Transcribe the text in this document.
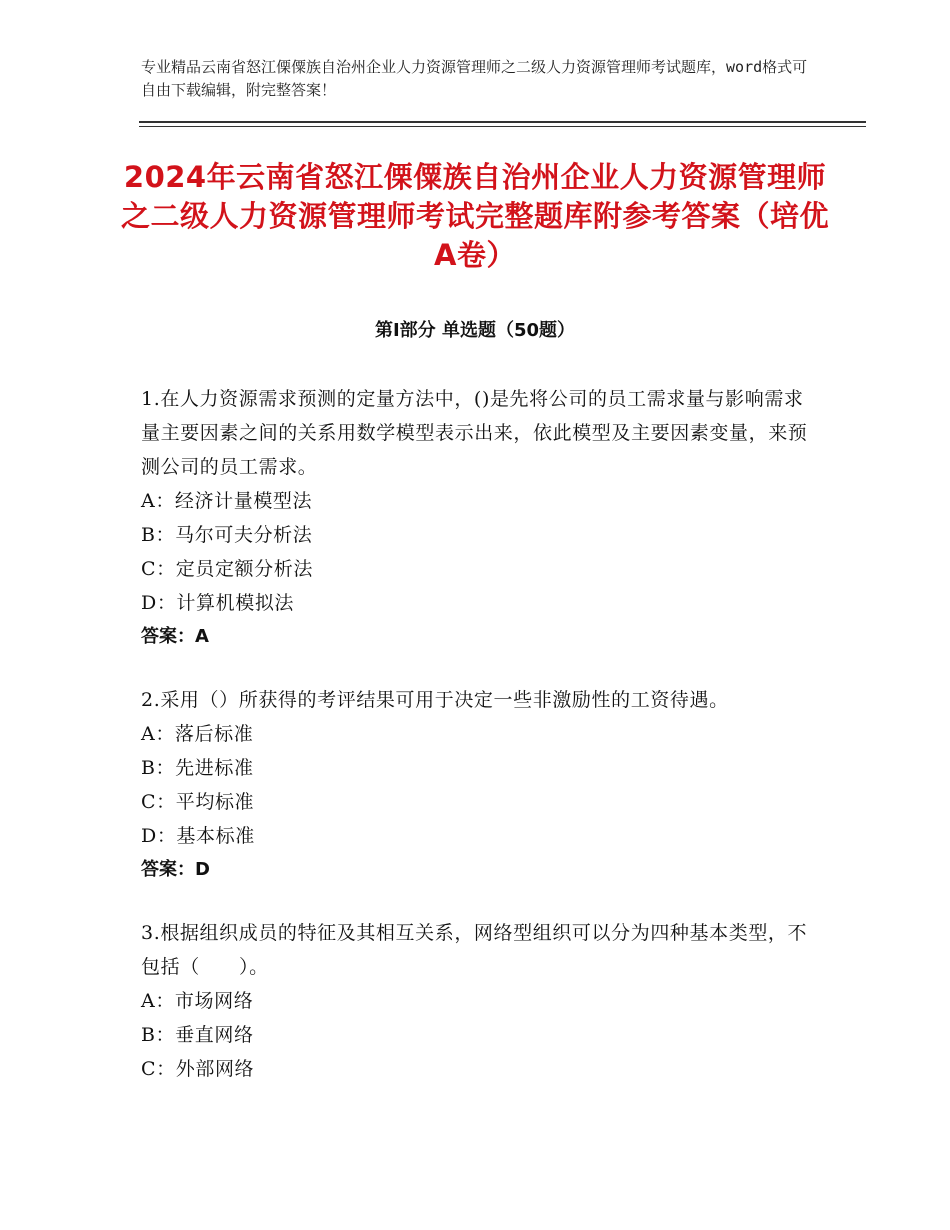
专业精品云南省怒江傈僳族自治州企业人力资源管理师之二级人力资源管理师考试题库，word格式可自由下载编辑，附完整答案！
2024年云南省怒江傈僳族自治州企业人力资源管理师之二级人力资源管理师考试完整题库附参考答案（培优A卷）
第Ⅰ部分 单选题（50题）
1.在人力资源需求预测的定量方法中，()是先将公司的员工需求量与影响需求量主要因素之间的关系用数学模型表示出来，依此模型及主要因素变量，来预测公司的员工需求。
A：经济计量模型法
B：马尔可夫分析法
C：定员定额分析法
D：计算机模拟法
答案：A
2.采用（）所获得的考评结果可用于决定一些非激励性的工资待遇。
A：落后标准
B：先进标准
C：平均标准
D：基本标准
答案：D
3.根据组织成员的特征及其相互关系，网络型组织可以分为四种基本类型，不包括（　　）。
A：市场网络
B：垂直网络
C：外部网络
